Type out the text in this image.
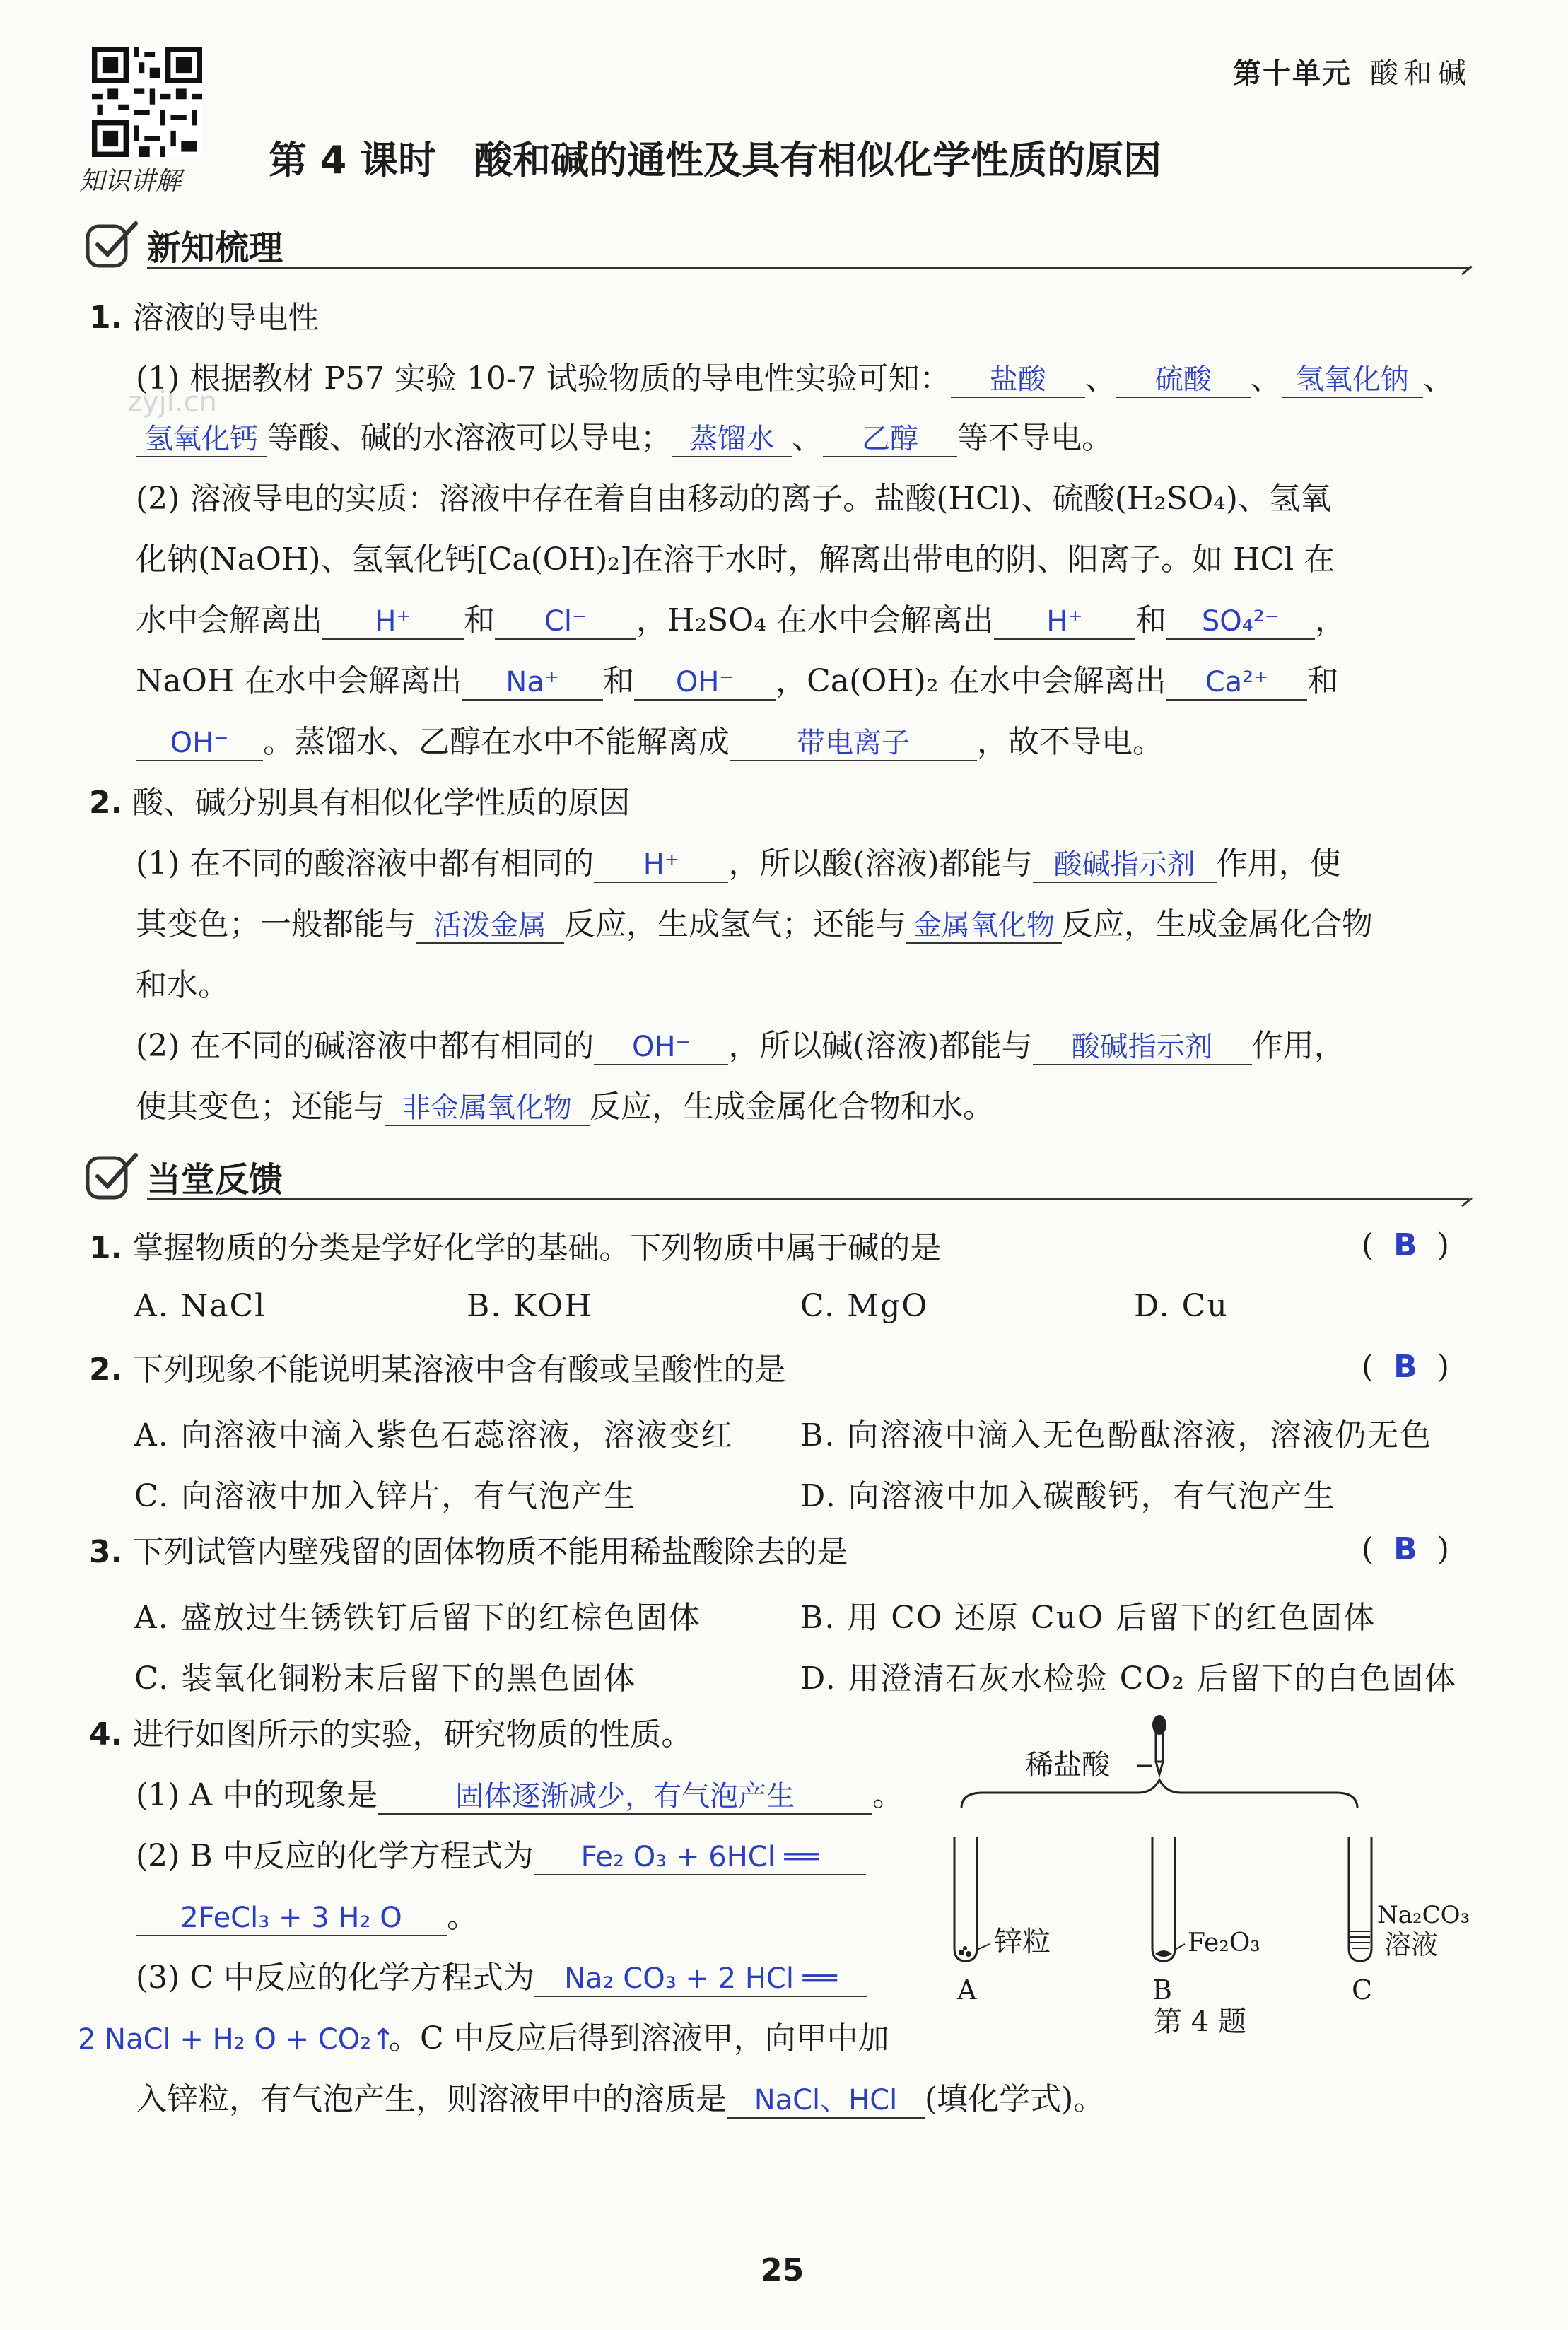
知识讲解
第十单元 酸和碱
第 4 课时　酸和碱的通性及具有相似化学性质的原因
zyjl.cn
新知梳理
1. 溶液的导电性
(1) 根据教材 P57 实验 10-7 试验物质的导电性实验可知： 盐酸 、 硫酸 、 氢氧化钠 、
氢氧化钙 等酸、碱的水溶液可以导电； 蒸馏水 、 乙醇 等不导电。
(2) 溶液导电的实质：溶液中存在着自由移动的离子。盐酸(HCl)、硫酸(H₂SO₄)、氢氧
化钠(NaOH)、氢氧化钙[Ca(OH)₂]在溶于水时，解离出带电的阴、阳离子。如 HCl 在
水中会解离出 H⁺ 和 Cl⁻ ，H₂SO₄ 在水中会解离出 H⁺ 和 SO₄²⁻ ，
NaOH 在水中会解离出 Na⁺ 和 OH⁻ ，Ca(OH)₂ 在水中会解离出 Ca²⁺ 和
OH⁻ 。蒸馏水、乙醇在水中不能解离成 带电离子 ，故不导电。
2. 酸、碱分别具有相似化学性质的原因
(1) 在不同的酸溶液中都有相同的 H⁺ ，所以酸(溶液)都能与 酸碱指示剂 作用，使
其变色；一般都能与 活泼金属 反应，生成氢气；还能与 金属氧化物 反应，生成金属化合物
和水。
(2) 在不同的碱溶液中都有相同的 OH⁻ ，所以碱(溶液)都能与 酸碱指示剂 作用，
使其变色；还能与 非金属氧化物 反应，生成金属化合物和水。
当堂反馈
1. 掌握物质的分类是学好化学的基础。下列物质中属于碱的是	( B )
A. NaCl	B. KOH	C. MgO	D. Cu
2. 下列现象不能说明某溶液中含有酸或呈酸性的是	( B )
A. 向溶液中滴入紫色石蕊溶液，溶液变红 B. 向溶液中滴入无色酚酞溶液，溶液仍无色
C. 向溶液中加入锌片，有气泡产生	D. 向溶液中加入碳酸钙，有气泡产生
3. 下列试管内壁残留的固体物质不能用稀盐酸除去的是	( B )
A. 盛放过生锈铁钉后留下的红棕色固体	B. 用 CO 还原 CuO 后留下的红色固体
C. 装氧化铜粉末后留下的黑色固体	D. 用澄清石灰水检验 CO₂ 后留下的白色固体
4. 进行如图所示的实验，研究物质的性质。
(1) A 中的现象是	固体逐渐减少，有气泡产生	。
(2) B 中反应的化学方程式为 Fe₂ O₃ + 6HCl ══
2FeCl₃ + 3 H₂ O 。
(3) C 中反应的化学方程式为 Na₂ CO₃ + 2 HCl ══
2 NaCl + H₂ O + CO₂↑。C 中反应后得到溶液甲，向甲中加
入锌粒，有气泡产生，则溶液甲中的溶质是 NaCl、HCl (填化学式)。
稀盐酸
锌粒
A
Fe₂O₃
B
Na₂CO₃
溶液
C
第 4 题
25
